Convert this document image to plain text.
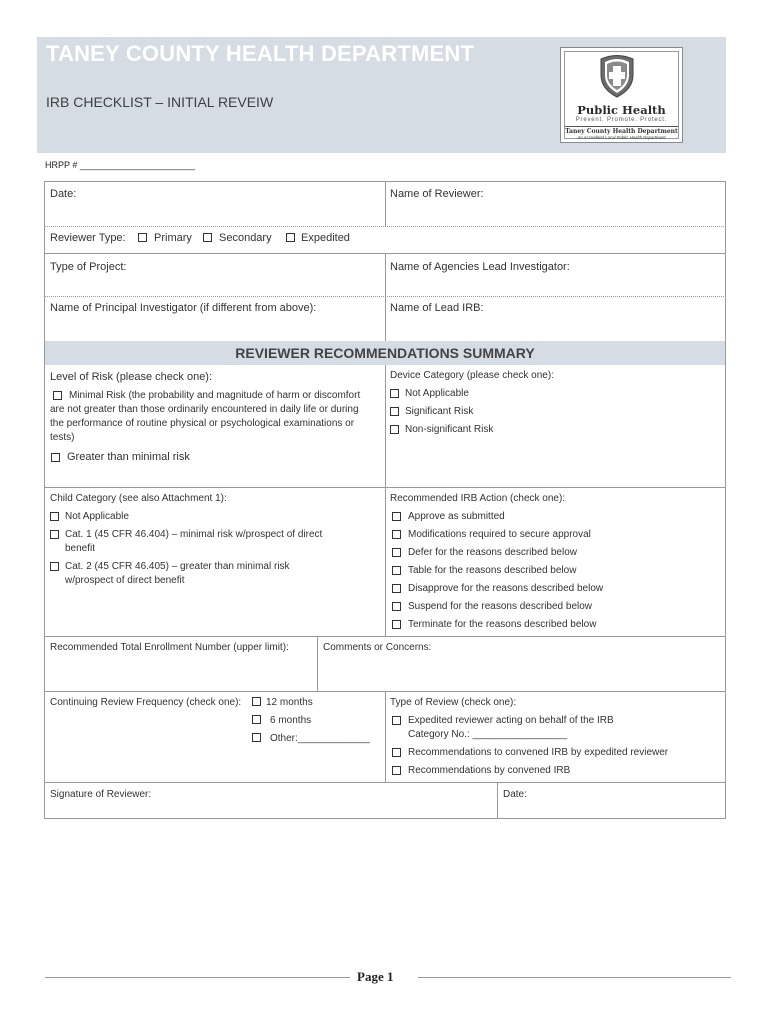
TANEY COUNTY HEALTH DEPARTMENT
IRB CHECKLIST – INITIAL REVEIW	Public Health
Prevent. Promote. Protect.
Taney County Health Department
An Accredited Local Public Health Department
HRPP # _______________________
Date:	Name of Reviewer:
Reviewer Type:	Primary Secondary	Expedited
Type of Project:	Name of Agencies Lead Investigator:
Name of Principal Investigator (if different from above):	Name of Lead IRB:
REVIEWER RECOMMENDATIONS SUMMARY
Level of Risk (please check one):
Minimal Risk (the probability and magnitude of harm or discomfort
are not greater than those ordinarily encountered in daily life or during
the performance of routine physical or psychological examinations or
tests)
Greater than minimal risk
Device Category (please check one):
Not Applicable
Significant Risk
Non-significant Risk
Child Category (see also Attachment 1):
Not Applicable
Cat. 1 (45 CFR 46.404) – minimal risk w/prospect of direct
benefit
Cat. 2 (45 CFR 46.405) – greater than minimal risk
w/prospect of direct benefit
Recommended IRB Action (check one):
Approve as submitted
Modifications required to secure approval
Defer for the reasons described below
Table for the reasons described below
Disapprove for the reasons described below
Suspend for the reasons described below
Terminate for the reasons described below
Recommended Total Enrollment Number (upper limit):	Comments or Concerns:
Continuing Review Frequency (check one): 12 months
6 months
Other:_____________
Type of Review (check one):
Expedited reviewer acting on behalf of the IRB
Category No.: _________________
Recommendations to convened IRB by expedited reviewer
Recommendations by convened IRB
Signature of Reviewer:	Date:
Page 1
